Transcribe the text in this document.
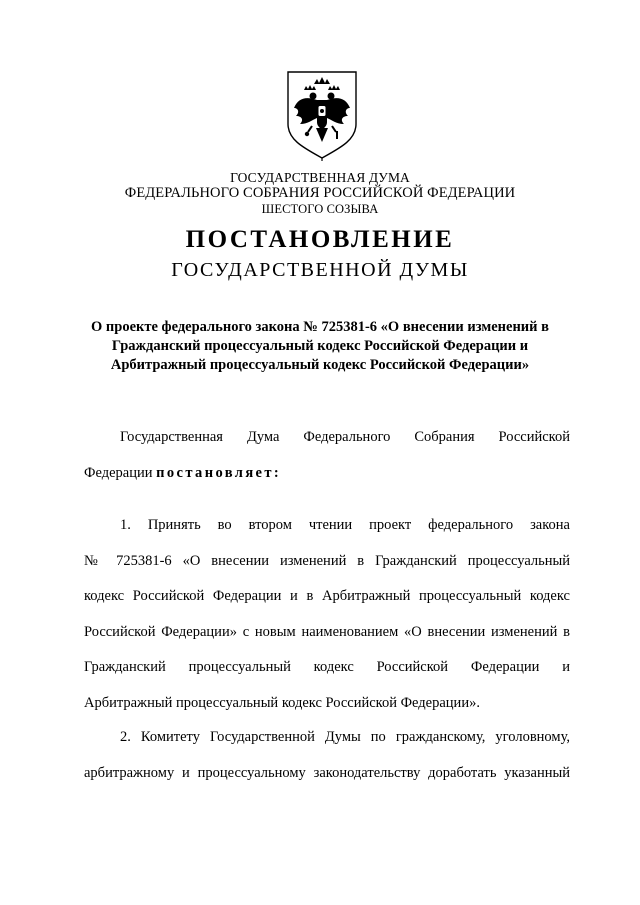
ГОСУДАРСТВЕННАЯ ДУМА
ФЕДЕРАЛЬНОГО СОБРАНИЯ РОССИЙСКОЙ ФЕДЕРАЦИИ
ШЕСТОГО СОЗЫВА
ПОСТАНОВЛЕНИЕ
ГОСУДАРСТВЕННОЙ ДУМЫ
О проекте федерального закона № 725381-6 «О внесении изменений в
Гражданский процессуальный кодекс Российской Федерации и
Арбитражный процессуальный кодекс Российской Федерации»
Государственная Дума Федерального Собрания Российской
Федерации постановляет:
1. Принять во втором чтении проект федерального закона
№ 725381-6 «О внесении изменений в Гражданский процессуальный
кодекс Российской Федерации и в Арбитражный процессуальный кодекс
Российской Федерации» с новым наименованием «О внесении изменений в
Гражданский процессуальный кодекс Российской Федерации и
Арбитражный процессуальный кодекс Российской Федерации».
2. Комитету Государственной Думы по гражданскому, уголовному,
арбитражному и процессуальному законодательству доработать указанный
